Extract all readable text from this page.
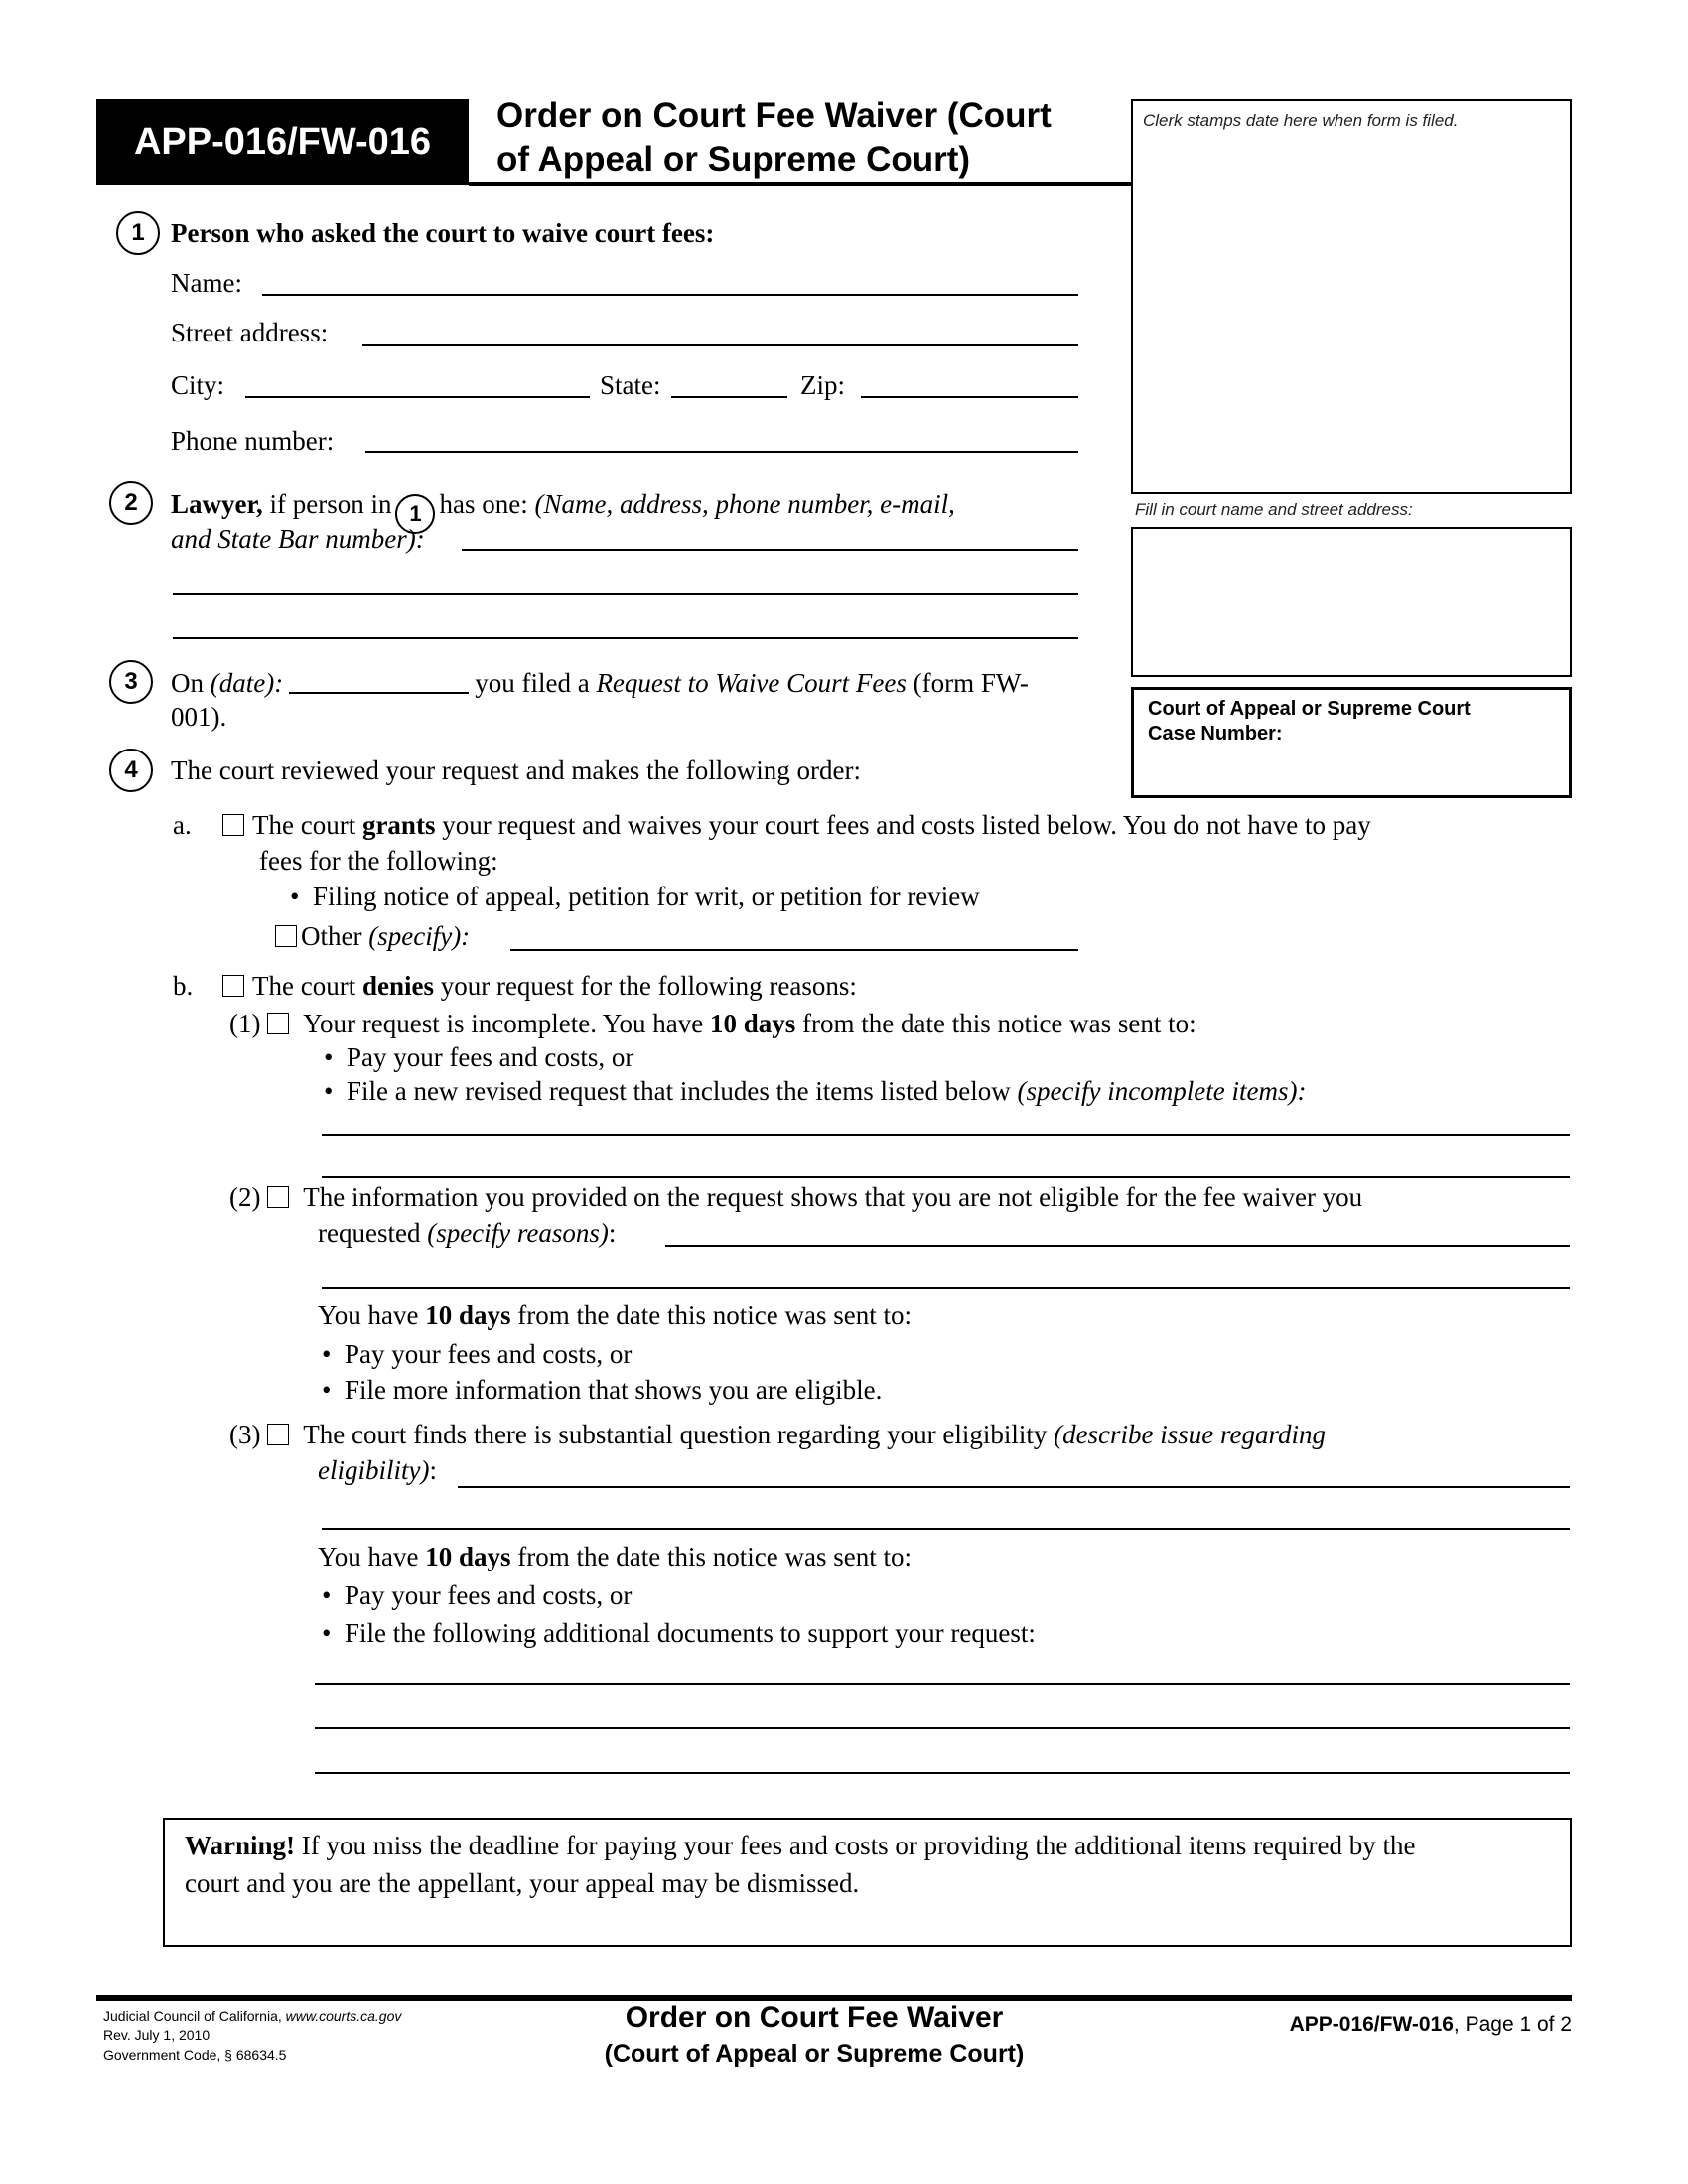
APP-016/FW-016
Order on Court Fee Waiver (Court
of Appeal or Supreme Court)
Clerk stamps date here when form is filed.
Fill in court name and street address:
Court of Appeal or Supreme Court
Case Number:
1 Person who asked the court to waive court fees:
Name:
Street address:
City:	State:	Zip:
Phone number:
2	Lawyer, if person in 1 has one: (Name, address, phone number, e-mail,
and State Bar number):
3	On (date):	you filed a Request to Waive Court Fees (form FW-001).
4	The court reviewed your request and makes the following order:
a.	The court grants your request and waives your court fees and costs listed below. You do not have to pay
fees for the following:
•  Filing notice of appeal, petition for writ, or petition for review
Other (specify):
b.	The court denies your request for the following reasons:
(1) Your request is incomplete. You have 10 days from the date this notice was sent to:
•  Pay your fees and costs, or
•  File a new revised request that includes the items listed below (specify incomplete items):
(2) The information you provided on the request shows that you are not eligible for the fee waiver you
requested (specify reasons):
You have 10 days from the date this notice was sent to:
•  Pay your fees and costs, or
•  File more information that shows you are eligible.
(3) The court finds there is substantial question regarding your eligibility (describe issue regarding
eligibility):
You have 10 days from the date this notice was sent to:
•  Pay your fees and costs, or
•  File the following additional documents to support your request:
Warning! If you miss the deadline for paying your fees and costs or providing the additional items required by the
court and you are the appellant, your appeal may be dismissed.
Judicial Council of California, www.courts.ca.gov
Rev. July 1, 2010
Government Code, § 68634.5
Order on Court Fee Waiver
(Court of Appeal or Supreme Court)
APP-016/FW-016, Page 1 of 2
